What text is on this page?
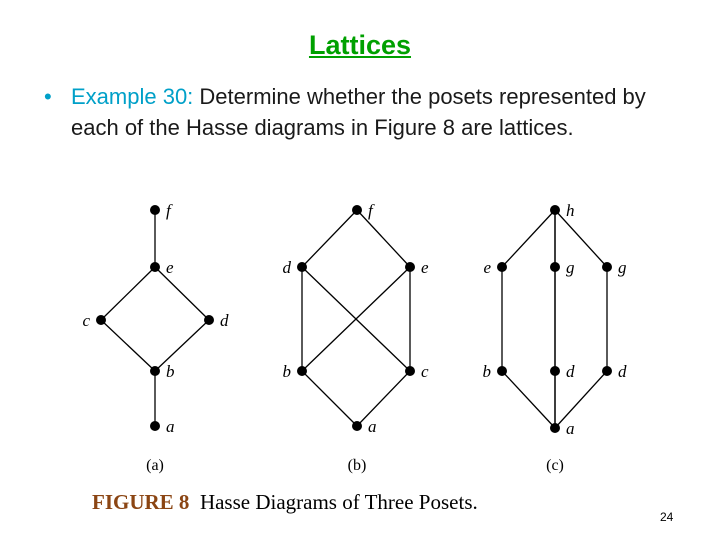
Lattices
• Example 30: Determine whether the posets represented by each of the Hasse diagrams in Figure 8 are lattices.
f
e
c	d
b
a
(a)
f
d	e
b	c
a
(b)
h
e	g	g
b	d	d
a
(c)
FIGURE 8 Hasse Diagrams of Three Posets.
24
